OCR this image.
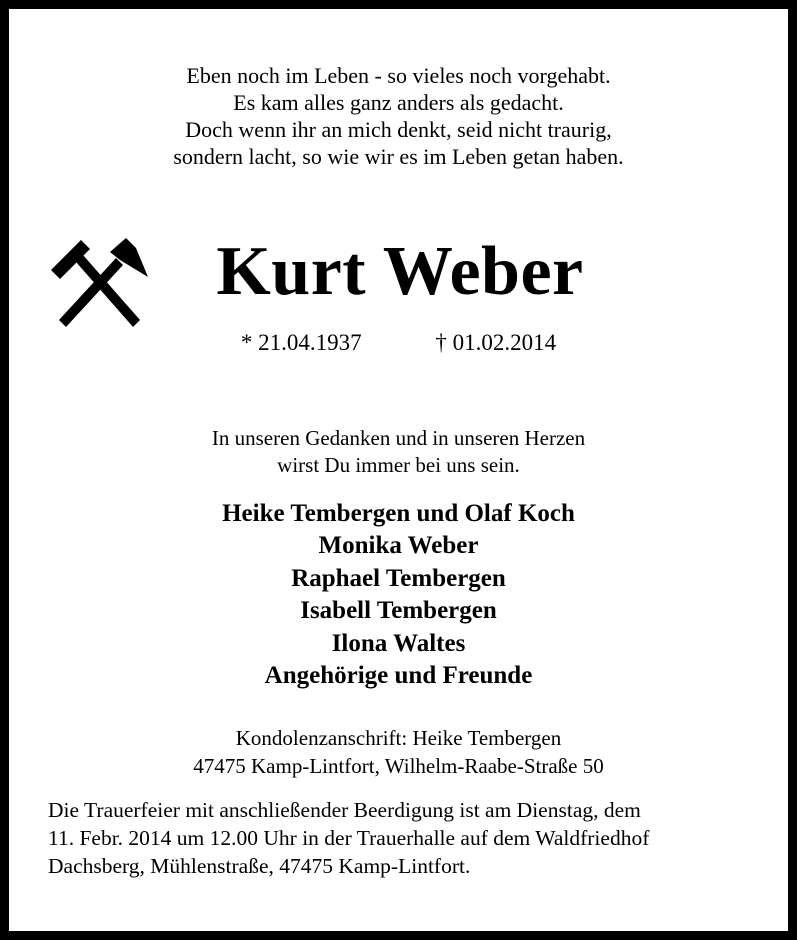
Eben noch im Leben - so vieles noch vorgehabt.
Es kam alles ganz anders als gedacht.
Doch wenn ihr an mich denkt, seid nicht traurig,
sondern lacht, so wie wir es im Leben getan haben.
Kurt Weber
* 21.04.1937	† 01.02.2014
In unseren Gedanken und in unseren Herzen
wirst Du immer bei uns sein.
Heike Tembergen und Olaf Koch
Monika Weber
Raphael Tembergen
Isabell Tembergen
Ilona Waltes
Angehörige und Freunde
Kondolenzanschrift: Heike Tembergen
47475 Kamp-Lintfort, Wilhelm-Raabe-Straße 50
Die Trauerfeier mit anschließender Beerdigung ist am Dienstag, dem
11. Febr. 2014 um 12.00 Uhr in der Trauerhalle auf dem Waldfriedhof
Dachsberg, Mühlenstraße, 47475 Kamp-Lintfort.
